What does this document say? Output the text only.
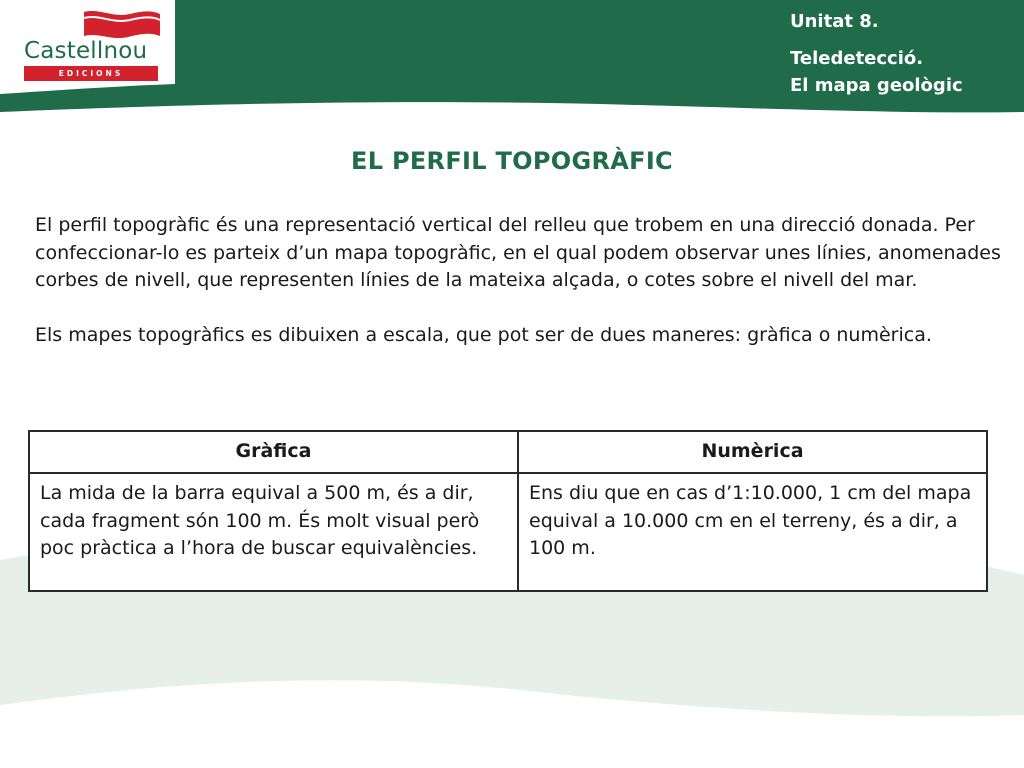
Castellnou
EDICIONS
Unitat 8.
Teledetecció.
El mapa geològic
EL PERFIL TOPOGRÀFIC

El perfil topogràfic és una representació vertical del relleu que trobem en una direcció donada. Per confeccionar-lo es parteix d’un mapa topogràfic, en el qual podem observar unes línies, anomenades corbes de nivell, que representen línies de la mateixa alçada, o cotes sobre el nivell del mar.

Els mapes topogràfics es dibuixen a escala, que pot ser de dues maneres: gràfica o numèrica.

Gràfica	Numèrica
La mida de la barra equival a 500 m, és a dir, cada fragment són 100 m. És molt visual però poc pràctica a l’hora de buscar equivalències.	Ens diu que en cas d’1:10.000, 1 cm del mapa equival a 10.000 cm en el terreny, és a dir, a 100 m.
